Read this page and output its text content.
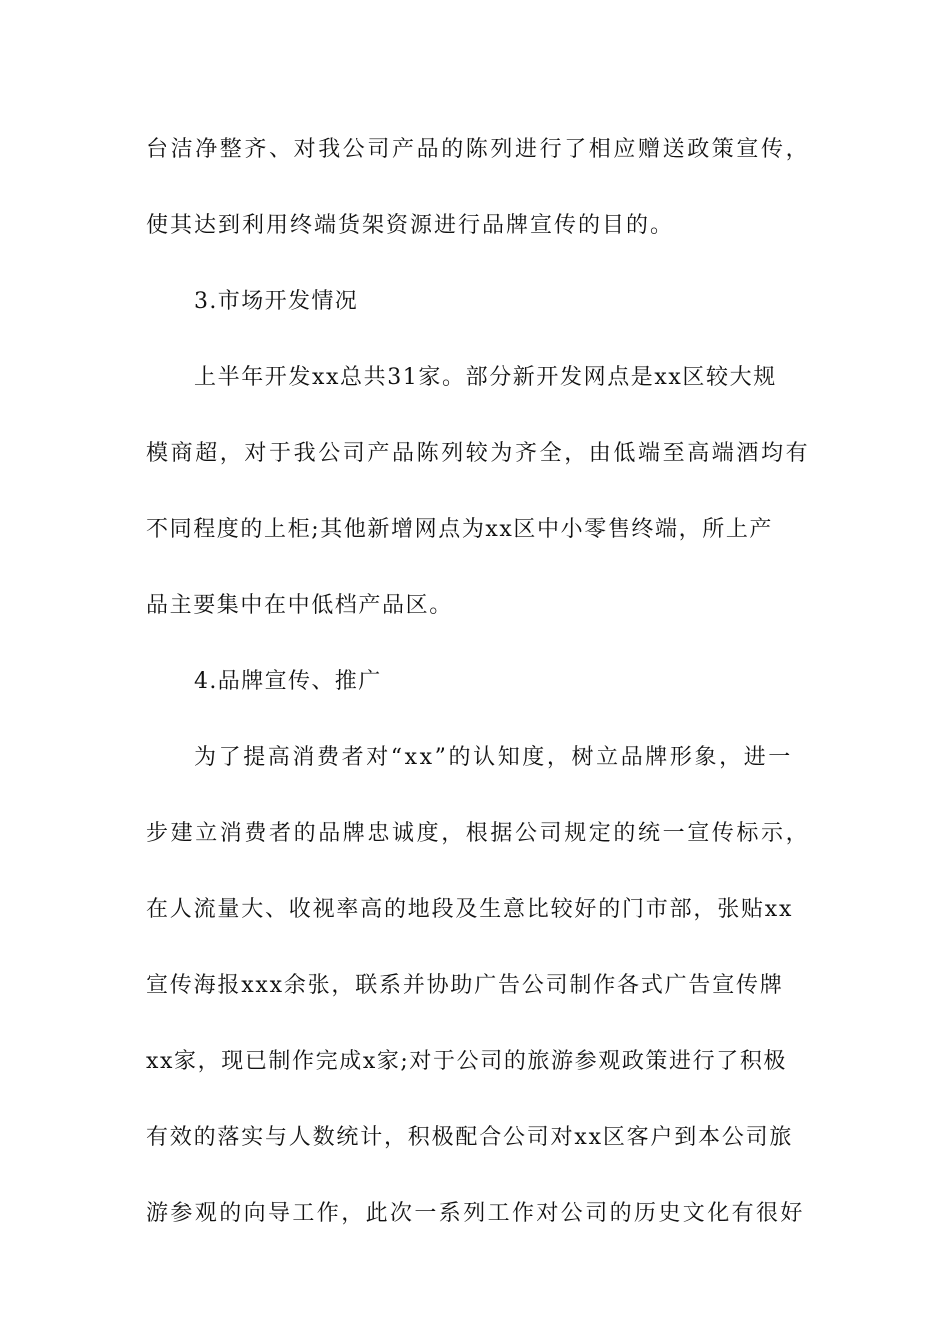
台洁净整齐、对我公司产品的陈列进行了相应赠送政策宣传，
使其达到利用终端货架资源进行品牌宣传的目的。
3.市场开发情况
上半年开发xx总共31家。部分新开发网点是xx区较大规
模商超，对于我公司产品陈列较为齐全，由低端至高端酒均有
不同程度的上柜;其他新增网点为xx区中小零售终端，所上产
品主要集中在中低档产品区。
4.品牌宣传、推广
为了提高消费者对“xx”的认知度，树立品牌形象，进一
步建立消费者的品牌忠诚度，根据公司规定的统一宣传标示，
在人流量大、收视率高的地段及生意比较好的门市部，张贴xx
宣传海报xxx余张，联系并协助广告公司制作各式广告宣传牌
xx家，现已制作完成x家;对于公司的旅游参观政策进行了积极
有效的落实与人数统计，积极配合公司对xx区客户到本公司旅
游参观的向导工作，此次一系列工作对公司的历史文化有很好
